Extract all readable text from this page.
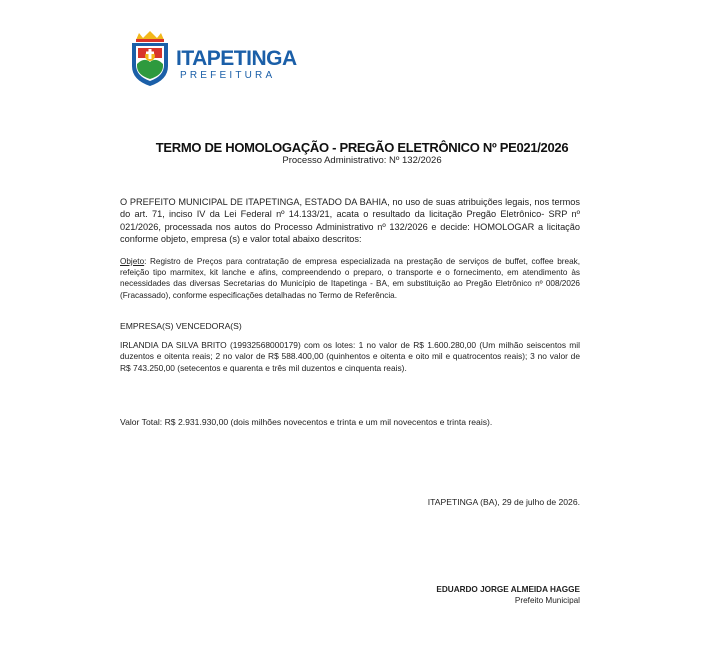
ITAPETINGA
PREFEITURA
TERMO DE HOMOLOGAÇÃO - PREGÃO ELETRÔNICO Nº PE021/2026
Processo Administrativo: Nº 132/2026

O PREFEITO MUNICIPAL DE ITAPETINGA, ESTADO DA BAHIA, no uso de suas atribuições legais, nos termos do art. 71, inciso IV da Lei Federal nº 14.133/21, acata o resultado da licitação Pregão Eletrônico- SRP nº 021/2026, processada nos autos do Processo Administrativo nº 132/2026 e decide: HOMOLOGAR a licitação conforme objeto, empresa (s) e valor total abaixo descritos:

Objeto: Registro de Preços para contratação de empresa especializada na prestação de serviços de buffet, coffee break, refeição tipo marmitex, kit lanche e afins, compreendendo o preparo, o transporte e o fornecimento, em atendimento às necessidades das diversas Secretarias do Município de Itapetinga - BA, em substituição ao Pregão Eletrônico nº 008/2026 (Fracassado), conforme especificações detalhadas no Termo de Referência.

EMPRESA(S) VENCEDORA(S)

IRLANDIA DA SILVA BRITO (19932568000179) com os lotes: 1 no valor de R$ 1.600.280,00 (Um milhão seiscentos mil duzentos e oitenta reais; 2 no valor de R$ 588.400,00 (quinhentos e oitenta e oito mil e quatrocentos reais); 3 no valor de R$ 743.250,00 (setecentos e quarenta e três mil duzentos e cinquenta reais).

Valor Total: R$ 2.931.930,00 (dois milhões novecentos e trinta e um mil novecentos e trinta reais).

ITAPETINGA (BA), 29 de julho de 2026.
EDUARDO JORGE ALMEIDA HAGGE
Prefeito Municipal
